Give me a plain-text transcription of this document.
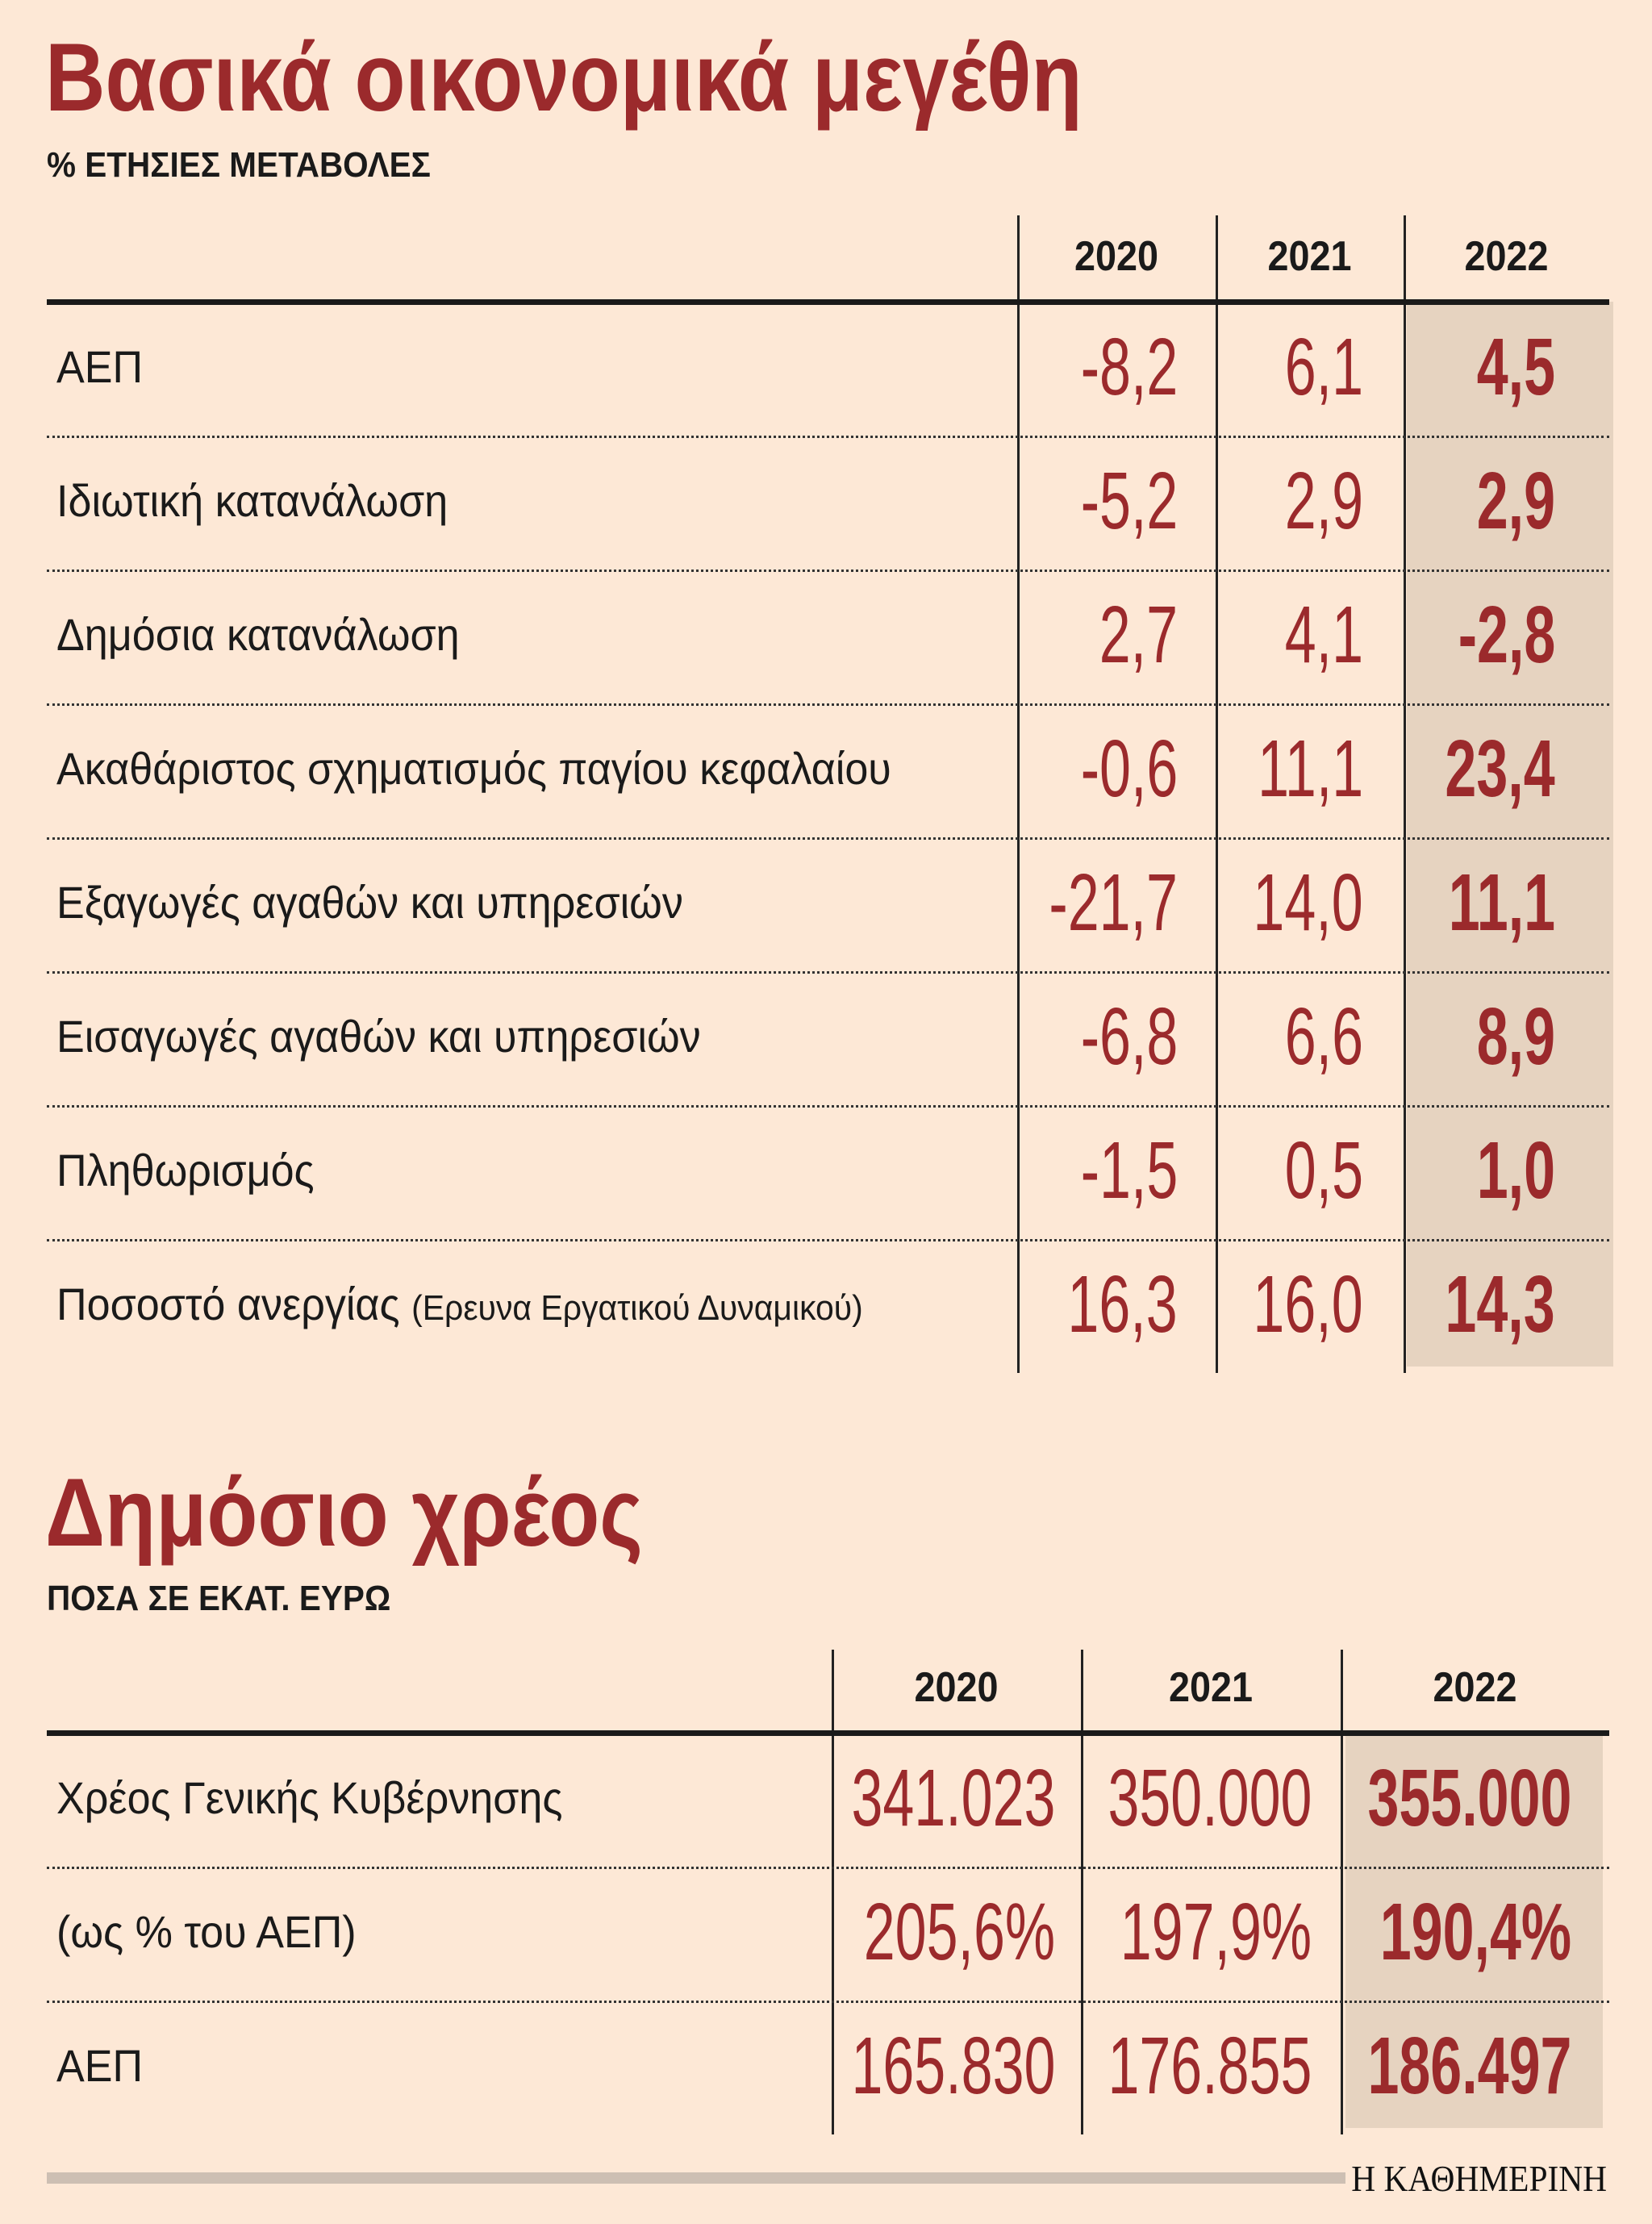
Βασικά οικονομικά μεγέθη
% ΕΤΗΣΙΕΣ ΜΕΤΑΒΟΛΕΣ
2020	2021	2022
ΑΕΠ	-8,2 6,1 4,5
Ιδιωτική κατανάλωση	-5,2 2,9 2,9
Δημόσια κατανάλωση	2,7 4,1 -2,8
Ακαθάριστος σχηματισμός παγίου κεφαλαίου -0,6 11,1 23,4
Εξαγωγές αγαθών και υπηρεσιών	-21,7 14,0 11,1
Εισαγωγές αγαθών και υπηρεσιών	-6,8 6,6 8,9
Πληθωρισμός	-1,5 0,5 1,0
Ποσοστό ανεργίας (Ερευνα Εργατικού Δυναμικού)	16,3 16,0 14,3
Δημόσιο χρέος
ΠΟΣΑ ΣΕ ΕΚΑΤ. ΕΥΡΩ
2020	2021	2022
Χρέος Γενικής Κυβέρνησης	341.023 350.000 355.000
(ως % του ΑΕΠ)	205,6% 197,9% 190,4%
ΑΕΠ	165.830 176.855 186.497
Η ΚΑΘΗΜΕΡΙΝΗ
